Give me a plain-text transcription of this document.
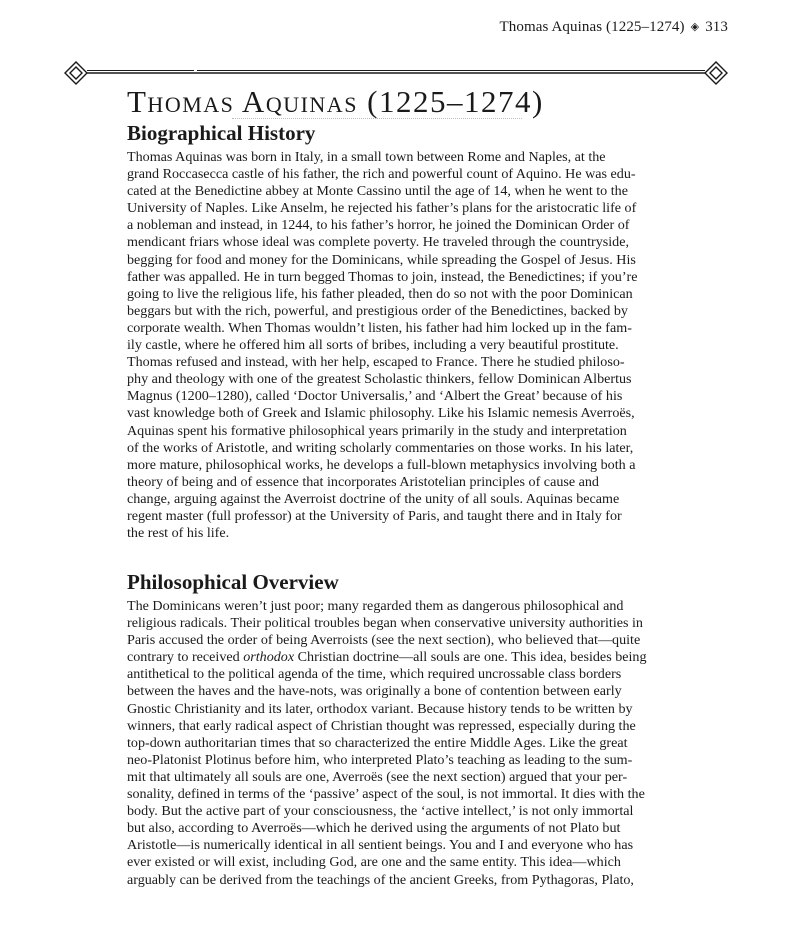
Thomas Aquinas (1225–1274) ◈ 313
Thomas Aquinas (1225–1274)
Biographical History
Thomas Aquinas was born in Italy, in a small town between Rome and Naples, at the
grand Roccasecca castle of his father, the rich and powerful count of Aquino. He was edu-
cated at the Benedictine abbey at Monte Cassino until the age of 14, when he went to the
University of Naples. Like Anselm, he rejected his father’s plans for the aristocratic life of
a nobleman and instead, in 1244, to his father’s horror, he joined the Dominican Order of
mendicant friars whose ideal was complete poverty. He traveled through the countryside,
begging for food and money for the Dominicans, while spreading the Gospel of Jesus. His
father was appalled. He in turn begged Thomas to join, instead, the Benedictines; if you’re
going to live the religious life, his father pleaded, then do so not with the poor Dominican
beggars but with the rich, powerful, and prestigious order of the Benedictines, backed by
corporate wealth. When Thomas wouldn’t listen, his father had him locked up in the fam-
ily castle, where he offered him all sorts of bribes, including a very beautiful prostitute.
Thomas refused and instead, with her help, escaped to France. There he studied philoso-
phy and theology with one of the greatest Scholastic thinkers, fellow Dominican Albertus
Magnus (1200–1280), called ‘Doctor Universalis,’ and ‘Albert the Great’ because of his
vast knowledge both of Greek and Islamic philosophy. Like his Islamic nemesis Averroës,
Aquinas spent his formative philosophical years primarily in the study and interpretation
of the works of Aristotle, and writing scholarly commentaries on those works. In his later,
more mature, philosophical works, he develops a full-blown metaphysics involving both a
theory of being and of essence that incorporates Aristotelian principles of cause and
change, arguing against the Averroist doctrine of the unity of all souls. Aquinas became
regent master (full professor) at the University of Paris, and taught there and in Italy for
the rest of his life.
Philosophical Overview
The Dominicans weren’t just poor; many regarded them as dangerous philosophical and
religious radicals. Their political troubles began when conservative university authorities in
Paris accused the order of being Averroists (see the next section), who believed that—quite
contrary to received orthodox Christian doctrine—all souls are one. This idea, besides being
antithetical to the political agenda of the time, which required uncrossable class borders
between the haves and the have-nots, was originally a bone of contention between early
Gnostic Christianity and its later, orthodox variant. Because history tends to be written by
winners, that early radical aspect of Christian thought was repressed, especially during the
top-down authoritarian times that so characterized the entire Middle Ages. Like the great
neo-Platonist Plotinus before him, who interpreted Plato’s teaching as leading to the sum-
mit that ultimately all souls are one, Averroës (see the next section) argued that your per-
sonality, defined in terms of the ‘passive’ aspect of the soul, is not immortal. It dies with the
body. But the active part of your consciousness, the ‘active intellect,’ is not only immortal
but also, according to Averroës—which he derived using the arguments of not Plato but
Aristotle—is numerically identical in all sentient beings. You and I and everyone who has
ever existed or will exist, including God, are one and the same entity. This idea—which
arguably can be derived from the teachings of the ancient Greeks, from Pythagoras, Plato,
